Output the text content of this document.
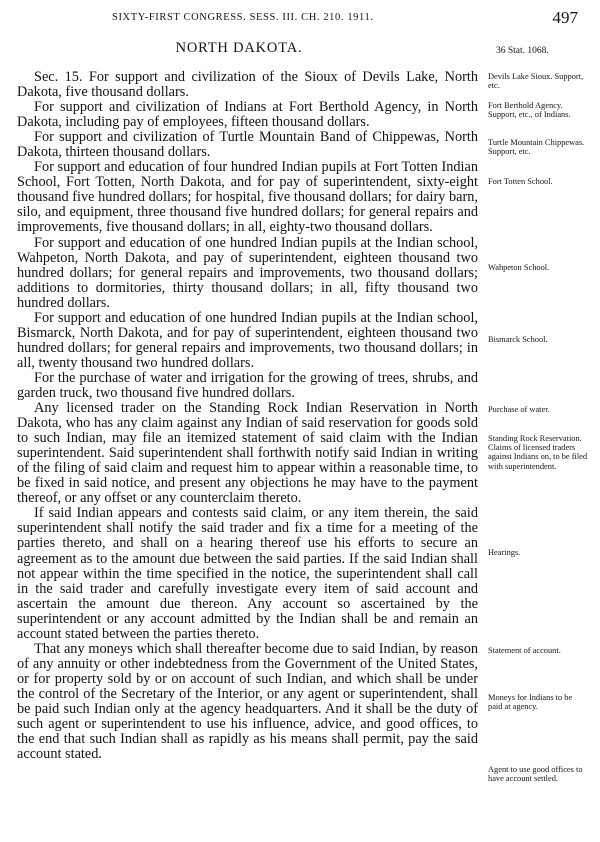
SIXTY-FIRST CONGRESS. SESS. III. CH. 210. 1911.	497
NORTH DAKOTA.	36 Stat. 1068.

Sec. 15. For support and civilization of the Sioux of Devils Lake, North Dakota, five thousand dollars.

For support and civilization of Indians at Fort Berthold Agency, in North Dakota, including pay of employees, fifteen thousand dollars.

For support and civilization of Turtle Mountain Band of Chippewas, North Dakota, thirteen thousand dollars.

For support and education of four hundred Indian pupils at Fort Totten Indian School, Fort Totten, North Dakota, and for pay of superintendent, sixty-eight thousand five hundred dollars; for hospital, five thousand dollars; for dairy barn, silo, and equipment, three thousand five hundred dollars; for general repairs and improvements, five thousand dollars; in all, eighty-two thousand dollars.

For support and education of one hundred Indian pupils at the Indian school, Wahpeton, North Dakota, and pay of superintendent, eighteen thousand two hundred dollars; for general repairs and improvements, two thousand dollars; additions to dormitories, thirty thousand dollars; in all, fifty thousand two hundred dollars.

For support and education of one hundred Indian pupils at the Indian school, Bismarck, North Dakota, and for pay of superintendent, eighteen thousand two hundred dollars; for general repairs and improvements, two thousand dollars; in all, twenty thousand two hundred dollars.

For the purchase of water and irrigation for the growing of trees, shrubs, and garden truck, two thousand five hundred dollars.

Any licensed trader on the Standing Rock Indian Reservation in North Dakota, who has any claim against any Indian of said reservation for goods sold to such Indian, may file an itemized statement of said claim with the Indian superintendent. Said superintendent shall forthwith notify said Indian in writing of the filing of said claim and request him to appear within a reasonable time, to be fixed in said notice, and present any objections he may have to the payment thereof, or any offset or any counterclaim thereto.

If said Indian appears and contests said claim, or any item therein, the said superintendent shall notify the said trader and fix a time for a meeting of the parties thereto, and shall on a hearing thereof use his efforts to secure an agreement as to the amount due between the said parties. If the said Indian shall not appear within the time specified in the notice, the superintendent shall call in the said trader and carefully investigate every item of said account and ascertain the amount due thereon. Any account so ascertained by the superintendent or any account admitted by the Indian shall be and remain an account stated between the parties thereto.

That any moneys which shall thereafter become due to said Indian, by reason of any annuity or other indebtedness from the Government of the United States, or for property sold by or on account of such Indian, and which shall be under the control of the Secretary of the Interior, or any agent or superintendent, shall be paid such Indian only at the agency headquarters. And it shall be the duty of such agent or superintendent to use his influence, advice, and good offices, to the end that such Indian shall as rapidly as his means shall permit, pay the said account stated.

Devils Lake Sioux. Support, etc.
Fort Berthold Agency. Support, etc., of Indians.
Turtle Mountain Chippewas. Support, etc.
Fort Totten School.
Wahpeton School.
Bismarck School.
Purchase of water.
Standing Rock Reservation. Claims of licensed traders against Indians on, to be filed with superintendent.
Hearings.
Statement of account.
Moneys for Indians to be paid at agency.
Agent to use good offices to have account settled.
